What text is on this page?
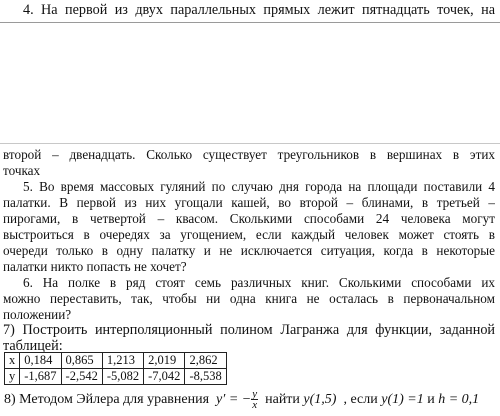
4. На первой из двух параллельных прямых лежит пятнадцать точек, на
второй – двенадцать. Сколько существует треугольников в вершинах в этих
точках
5. Во время массовых гуляний по случаю дня города на площади поставили 4
палатки. В первой из них угощали кашей, во второй – блинами, в третьей –
пирогами, в четвертой – квасом. Сколькими способами 24 человека могут
выстроиться в очередях за угощением, если каждый человек может стоять в
очереди только в одну палатку и не исключается ситуация, когда в некоторые
палатки никто попасть не хочет?
6. На полке в ряд стоят семь различных книг. Сколькими способами их
можно переставить, так, чтобы ни одна книга не осталась в первоначальном
положении?
7) Построить интерполяционный полином Лагранжа для функции, заданной
таблицей:
x	0,184	0,865	1,213	2,019	2,862
y	-1,687	-2,542	-5,082	-7,042	-8,538
8) Методом Эйлера для уравнения y′ = − $\frac{y}{x}$ найти y(1,5) , если y(1) =1 и h = 0,1
